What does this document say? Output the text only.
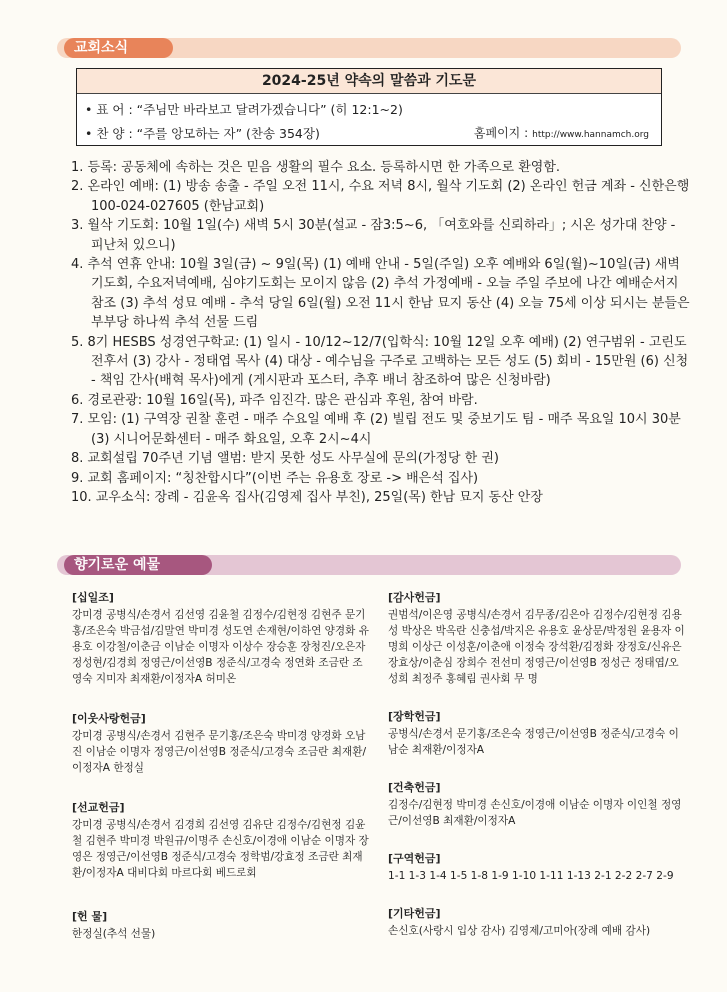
교회소식
2024-25년 약속의 말씀과 기도문
• 표 어 : “주님만 바라보고 달려가겠습니다” (히 12:1~2)
• 찬 양 : “주를 앙모하는 자” (찬송 354장)	홈페이지 : http://www.hannamch.org
1. 등록: 공동체에 속하는 것은 믿음 생활의 필수 요소. 등록하시면 한 가족으로 환영함.
2. 온라인 예배: (1) 방송 송출 - 주일 오전 11시, 수요 저녁 8시, 월삭 기도회 (2) 온라인 헌금 계좌 - 신한은행 100-024-027605 (한남교회)
3. 월삭 기도회: 10월 1일(수) 새벽 5시 30분(설교 - 잠3:5~6, 「여호와를 신뢰하라」; 시온 성가대 찬양 - 피난처 있으니)
4. 추석 연휴 안내: 10월 3일(금) ~ 9일(목) (1) 예배 안내 - 5일(주일) 오후 예배와 6일(월)~10일(금) 새벽기도회, 수요저녁예배, 심야기도회는 모이지 않음 (2) 추석 가정예배 - 오늘 주일 주보에 나간 예배순서지 참조 (3) 추석 성묘 예배 - 추석 당일 6일(월) 오전 11시 한남 묘지 동산 (4) 오늘 75세 이상 되시는 분들은 부부당 하나씩 추석 선물 드림
5. 8기 HESBS 성경연구학교: (1) 일시 - 10/12~12/7(입학식: 10월 12일 오후 예배) (2) 연구범위 - 고린도전후서 (3) 강사 - 정태엽 목사 (4) 대상 - 예수님을 구주로 고백하는 모든 성도 (5) 회비 - 15만원 (6) 신청 - 책임 간사(배혁 목사)에게 (게시판과 포스터, 추후 배너 참조하여 많은 신청바람)
6. 경로관광: 10월 16일(목), 파주 임진각. 많은 관심과 후원, 참여 바람.
7. 모임: (1) 구역장 권찰 훈련 - 매주 수요일 예배 후 (2) 빌립 전도 및 중보기도 팀 - 매주 목요일 10시 30분 (3) 시니어문화센터 - 매주 화요일, 오후 2시~4시
8. 교회설립 70주년 기념 앨범: 받지 못한 성도 사무실에 문의(가정당 한 권)
9. 교회 홈페이지: “칭찬합시다”(이번 주는 유용호 장로 -> 배은석 집사)
10. 교우소식: 장례 - 김윤옥 집사(김영제 집사 부친), 25일(목) 한남 묘지 동산 안장
향기로운 예물
[십일조]
강미경 공병식/손경서 김선영 김윤철 김정수/김현정 김현주 문기홍/조은숙 박금섭/김말연 박미경 성도연 손재현/이하연 양경화 유용호 이강철/이춘금 이남순 이명자 이상수 장승훈 장청진/오은자 정성현/김경희 정영근/이선영B 정준식/고경숙 정연화 조금란 조영숙 지미자 최재환/이정자A 허미온
[이웃사랑헌금]
강미경 공병식/손경서 김현주 문기홍/조은숙 박미경 양경화 오남진 이남순 이명자 정영근/이선영B 정준식/고경숙 조금란 최재환/이정자A 한정실
[선교헌금]
강미경 공병식/손경서 김경희 김선영 김유단 김정수/김현정 김윤철 김현주 박미경 박원규/이명주 손신호/이경애 이남순 이명자 장영은 정영근/이선영B 정준식/고경숙 정학범/강효정 조금란 최재환/이정자A 대비다회 마르다회 베드로회
[헌 물]
한정실(추석 선물)
[감사헌금]
권범석/이은영 공병식/손경서 김무종/김은아 김정수/김현정 김용성 박상은 박옥란 신충섭/박지은 유용호 윤상문/박정원 윤용자 이명희 이상근 이성훈/이춘애 이정숙 장석환/김정화 장정호/신유은 장효상/이춘심 장희수 전선미 정영근/이선영B 정성근 정태엽/오성희 최정주 홍혜림 권사회 무 명
[장학헌금]
공병식/손경서 문기홍/조은숙 정영근/이선영B 정준식/고경숙 이남순 최재환/이정자A
[건축헌금]
김정수/김현정 박미경 손신호/이경애 이남순 이명자 이인철 정영근/이선영B 최재환/이정자A
[구역헌금]
1-1 1-3 1-4 1-5 1-8 1-9 1-10 1-11 1-13 2-1 2-2 2-7 2-9
[기타헌금]
손신호(사랑시 입상 감사) 김영제/고미아(장례 예배 감사)
